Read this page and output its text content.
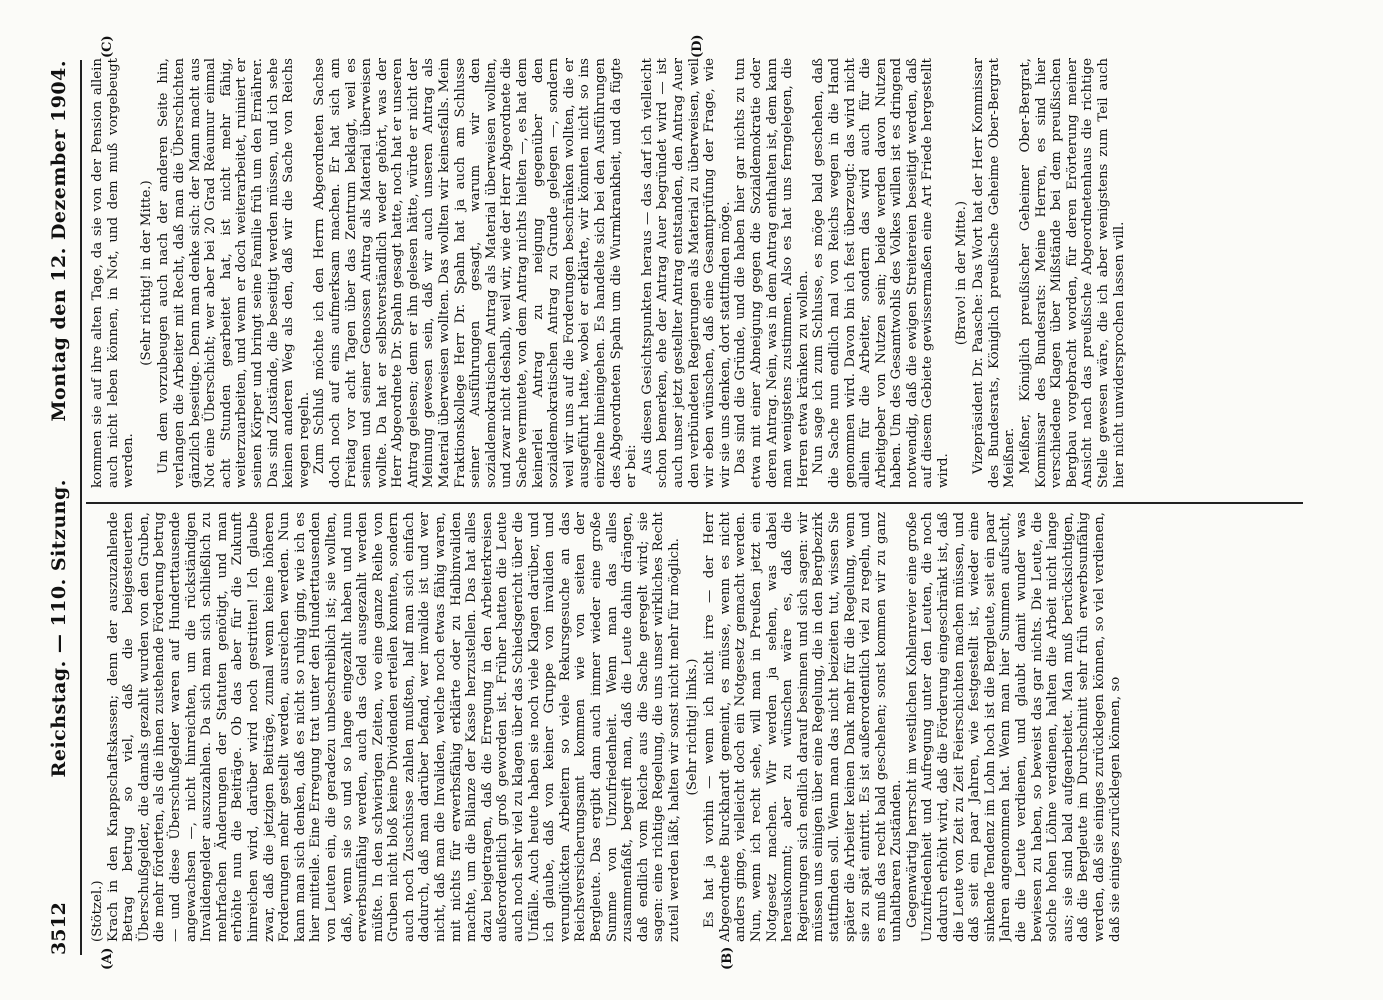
3512
Reichstag. — 110. Sitzung.
Montag den 12. Dezember 1904.
(A)	(B)
(C)	(D)

(Stötzel.) Krach in den Knappschaftskassen; denn der auszuzahlende Betrag betrug so viel, daß die beigesteuerten Überschußgelder, die damals gezahlt wurden von den Gruben, die mehr förderten, als die ihnen zustehende Förderung betrug — und diese Überschußgelder waren auf Hunderttausende angewachsen —, nicht hinreichten, um die rückständigen Invalidengelder auszuzahlen. Da sich man sich schließlich zu mehrfachen Änderungen der Statuten genötigt, und man erhöhte nun die Beiträge. Ob das aber für die Zukunft hinreichen wird, darüber wird noch gestritten! Ich glaube zwar, daß die jetzigen Beiträge, zumal wenn keine höheren Forderungen mehr gestellt werden, ausreichen werden. Nun kann man sich denken, daß es nicht so ruhig ging, wie ich es hier mitteile. Eine Erregung trat unter den Hunderttausenden von Leuten ein, die geradezu unbeschreiblich ist; sie wollten, daß, wenn sie so und so lange eingezahlt haben und nun erwerbsunfähig werden, auch das Geld ausgezahlt werden müßte. In den schwierigen Zeiten, wo eine ganze Reihe von Gruben nicht bloß keine Dividenden erteilen konnten, sondern auch noch Zuschüsse zahlen mußten, half man sich einfach dadurch, daß man darüber befand, wer invalide ist und wer nicht, daß man die Invaliden, welche noch etwas fähig waren, mit nichts für erwerbsfähig erklärte oder zu Halbinvaliden machte, um die Bilanze der Kasse herzustellen. Das hat alles dazu beigetragen, daß die Erregung in den Arbeiterkreisen außerordentlich groß geworden ist. Früher hatten die Leute auch noch sehr viel zu klagen über das Schiedsgericht über die Unfälle. Auch heute haben sie noch viele Klagen darüber, und ich glaube, daß von keiner Gruppe von invaliden und verunglückten Arbeitern so viele Rekursgesuche an das Reichsversicherungsamt kommen wie von seiten der Bergleute. Das ergibt dann auch immer wieder eine große Summe von Unzufriedenheit. Wenn man das alles zusammenfaßt, begreift man, daß die Leute dahin drängen, daß endlich vom Reiche aus die Sache geregelt wird; sie sagen: eine richtige Regelung, die uns unser wirkliches Recht zuteil werden läßt, halten wir sonst nicht mehr für möglich. (Sehr richtig! links.) Es hat ja vorhin — wenn ich nicht irre — der Herr Abgeordnete Burckhardt gemeint, es müsse, wenn es nicht anders ginge, vielleicht doch ein Notgesetz gemacht werden. Nun, wenn ich recht sehe, will man in Preußen jetzt ein Notgesetz machen. Wir werden ja sehen, was dabei herauskommt; aber zu wünschen wäre es, daß die Regierungen sich endlich darauf besinnen und sich sagen: wir müssen uns einigen über eine Regelung, die in den Bergbezirk stattfinden soll. Wenn man das nicht beizeiten tut, wissen Sie später die Arbeiter keinen Dank mehr für die Regelung, wenn sie zu spät eintritt. Es ist außerordentlich viel zu regeln, und es muß das recht bald geschehen; sonst kommen wir zu ganz unhaltbaren Zuständen. Gegenwärtig herrscht im westlichen Kohlenrevier eine große Unzufriedenheit und Aufregung unter den Leuten, die noch dadurch erhöht wird, daß die Förderung eingeschränkt ist, daß die Leute von Zeit zu Zeit Feierschichten machen müssen, und daß seit ein paar Jahren, wie festgestellt ist, wieder eine sinkende Tendenz im Lohn hoch ist die Bergleute, seit ein paar Jahren angenommen hat. Wenn man hier Summen aufsucht, die die Leute verdienen, und glaubt damit wunder was bewiesen zu haben, so beweist das gar nichts. Die Leute, die solche hohen Löhne verdienen, halten die Arbeit nicht lange aus; sie sind bald aufgearbeitet. Man muß berücksichtigen, daß die Bergleute im Durchschnitt sehr früh erwerbsunfähig werden, daß sie einiges zurücklegen können, so viel verdienen, daß sie einiges zurücklegen können, so

kommen sie auf ihre alten Tage, da sie von der Pension allein auch nicht leben können, in Not, und dem muß vorgebeugt werden.

(Sehr richtig! in der Mitte.) Um dem vorzubeugen auch nach der anderen Seite hin, verlangen die Arbeiter mit Recht, daß man die Überschichten gänzlich beseitige. Denn man denke sich: der Mann macht aus Not eine Überschicht; wer aber bei 20 Grad Réaumur einmal acht Stunden gearbeitet hat, ist nicht mehr fähig, weiterzuarbeiten, und wenn er doch weiterarbeitet, ruiniert er seinen Körper und bringt seine Familie früh um den Ernährer. Das sind Zustände, die beseitigt werden müssen, und ich sehe keinen anderen Weg als den, daß wir die Sache von Reichs wegen regeln. Zum Schluß möchte ich den Herrn Abgeordneten Sachse doch noch auf eins aufmerksam machen. Er hat sich am Freitag vor acht Tagen über das Zentrum beklagt, weil es seinen und seiner Genossen Antrag als Material überweisen wollte. Da hat er selbstverständlich weder gehört, was der Herr Abgeordnete Dr. Spahn gesagt hatte, noch hat er unseren Antrag gelesen; denn er ihn gelesen hätte, würde er nicht der Meinung gewesen sein, daß wir auch unseren Antrag als Material überweisen wollten. Das wollten wir keinesfalls. Mein Fraktionskollege Herr Dr. Spahn hat ja auch am Schlusse seiner Ausführungen gesagt, warum wir den sozialdemokratischen Antrag als Material überweisen wollten, und zwar nicht deshalb, weil wir, wie der Herr Abgeordnete die Sache vermutete, von dem Antrag nichts hielten —, es hat dem keinerlei Antrag zu neigung gegenüber den sozialdemokratischen Antrag zu Grunde gelegen —, sondern weil wir uns auf die Forderungen beschränken wollten, die er ausgeführt hatte, wobei er erklärte, wir könnten nicht so ins einzelne hineingehen. Es handelte sich bei den Ausführungen des Abgeordneten Spahn um die Wurmkrankheit, und da fügte er bei: Aus diesen Gesichtspunkten heraus — das darf ich vielleicht schon bemerken, ehe der Antrag Auer begründet wird — ist auch unser jetzt gestellter Antrag entstanden, den Antrag Auer den verbündeten Regierungen als Material zu überweisen, weil wir eben wünschen, daß eine Gesamtprüfung der Frage, wie wir sie uns denken, dort stattfinden möge. Das sind die Gründe, und die haben hier gar nichts zu tun etwa mit einer Abneigung gegen die Sozialdemokratie oder deren Antrag. Nein, was in dem Antrag enthalten ist, dem kann man wenigstens zustimmen. Also es hat uns ferngelegen, die Herren etwa kränken zu wollen. Nun sage ich zum Schlusse, es möge bald geschehen, daß die Sache nun endlich mal von Reichs wegen in die Hand genommen wird. Davon bin ich fest überzeugt: das wird nicht allein für die Arbeiter, sondern das wird auch für die Arbeitgeber von Nutzen sein; beide werden davon Nutzen haben. Um des Gesamtwohls des Volkes willen ist es dringend notwendig, daß die ewigen Streitereien beseitigt werden, daß auf diesem Gebiete gewissermaßen eine Art Friede hergestellt wird.

(Bravo! in der Mitte.) Vizepräsident Dr. Paasche: Das Wort hat der Herr Kommissar des Bundesrats, Königlich preußische Geheime Ober-Bergrat Meißner. Meißner, Königlich preußischer Geheimer Ober-Bergrat, Kommissar des Bundesrats: Meine Herren, es sind hier verschiedene Klagen über Mißstände bei dem preußischen Bergbau vorgebracht worden, für deren Erörterung meiner Ansicht nach das preußische Abgeordnetenhaus die richtige Stelle gewesen wäre, die ich aber wenigstens zum Teil auch hier nicht unwidersprochen lassen will.
